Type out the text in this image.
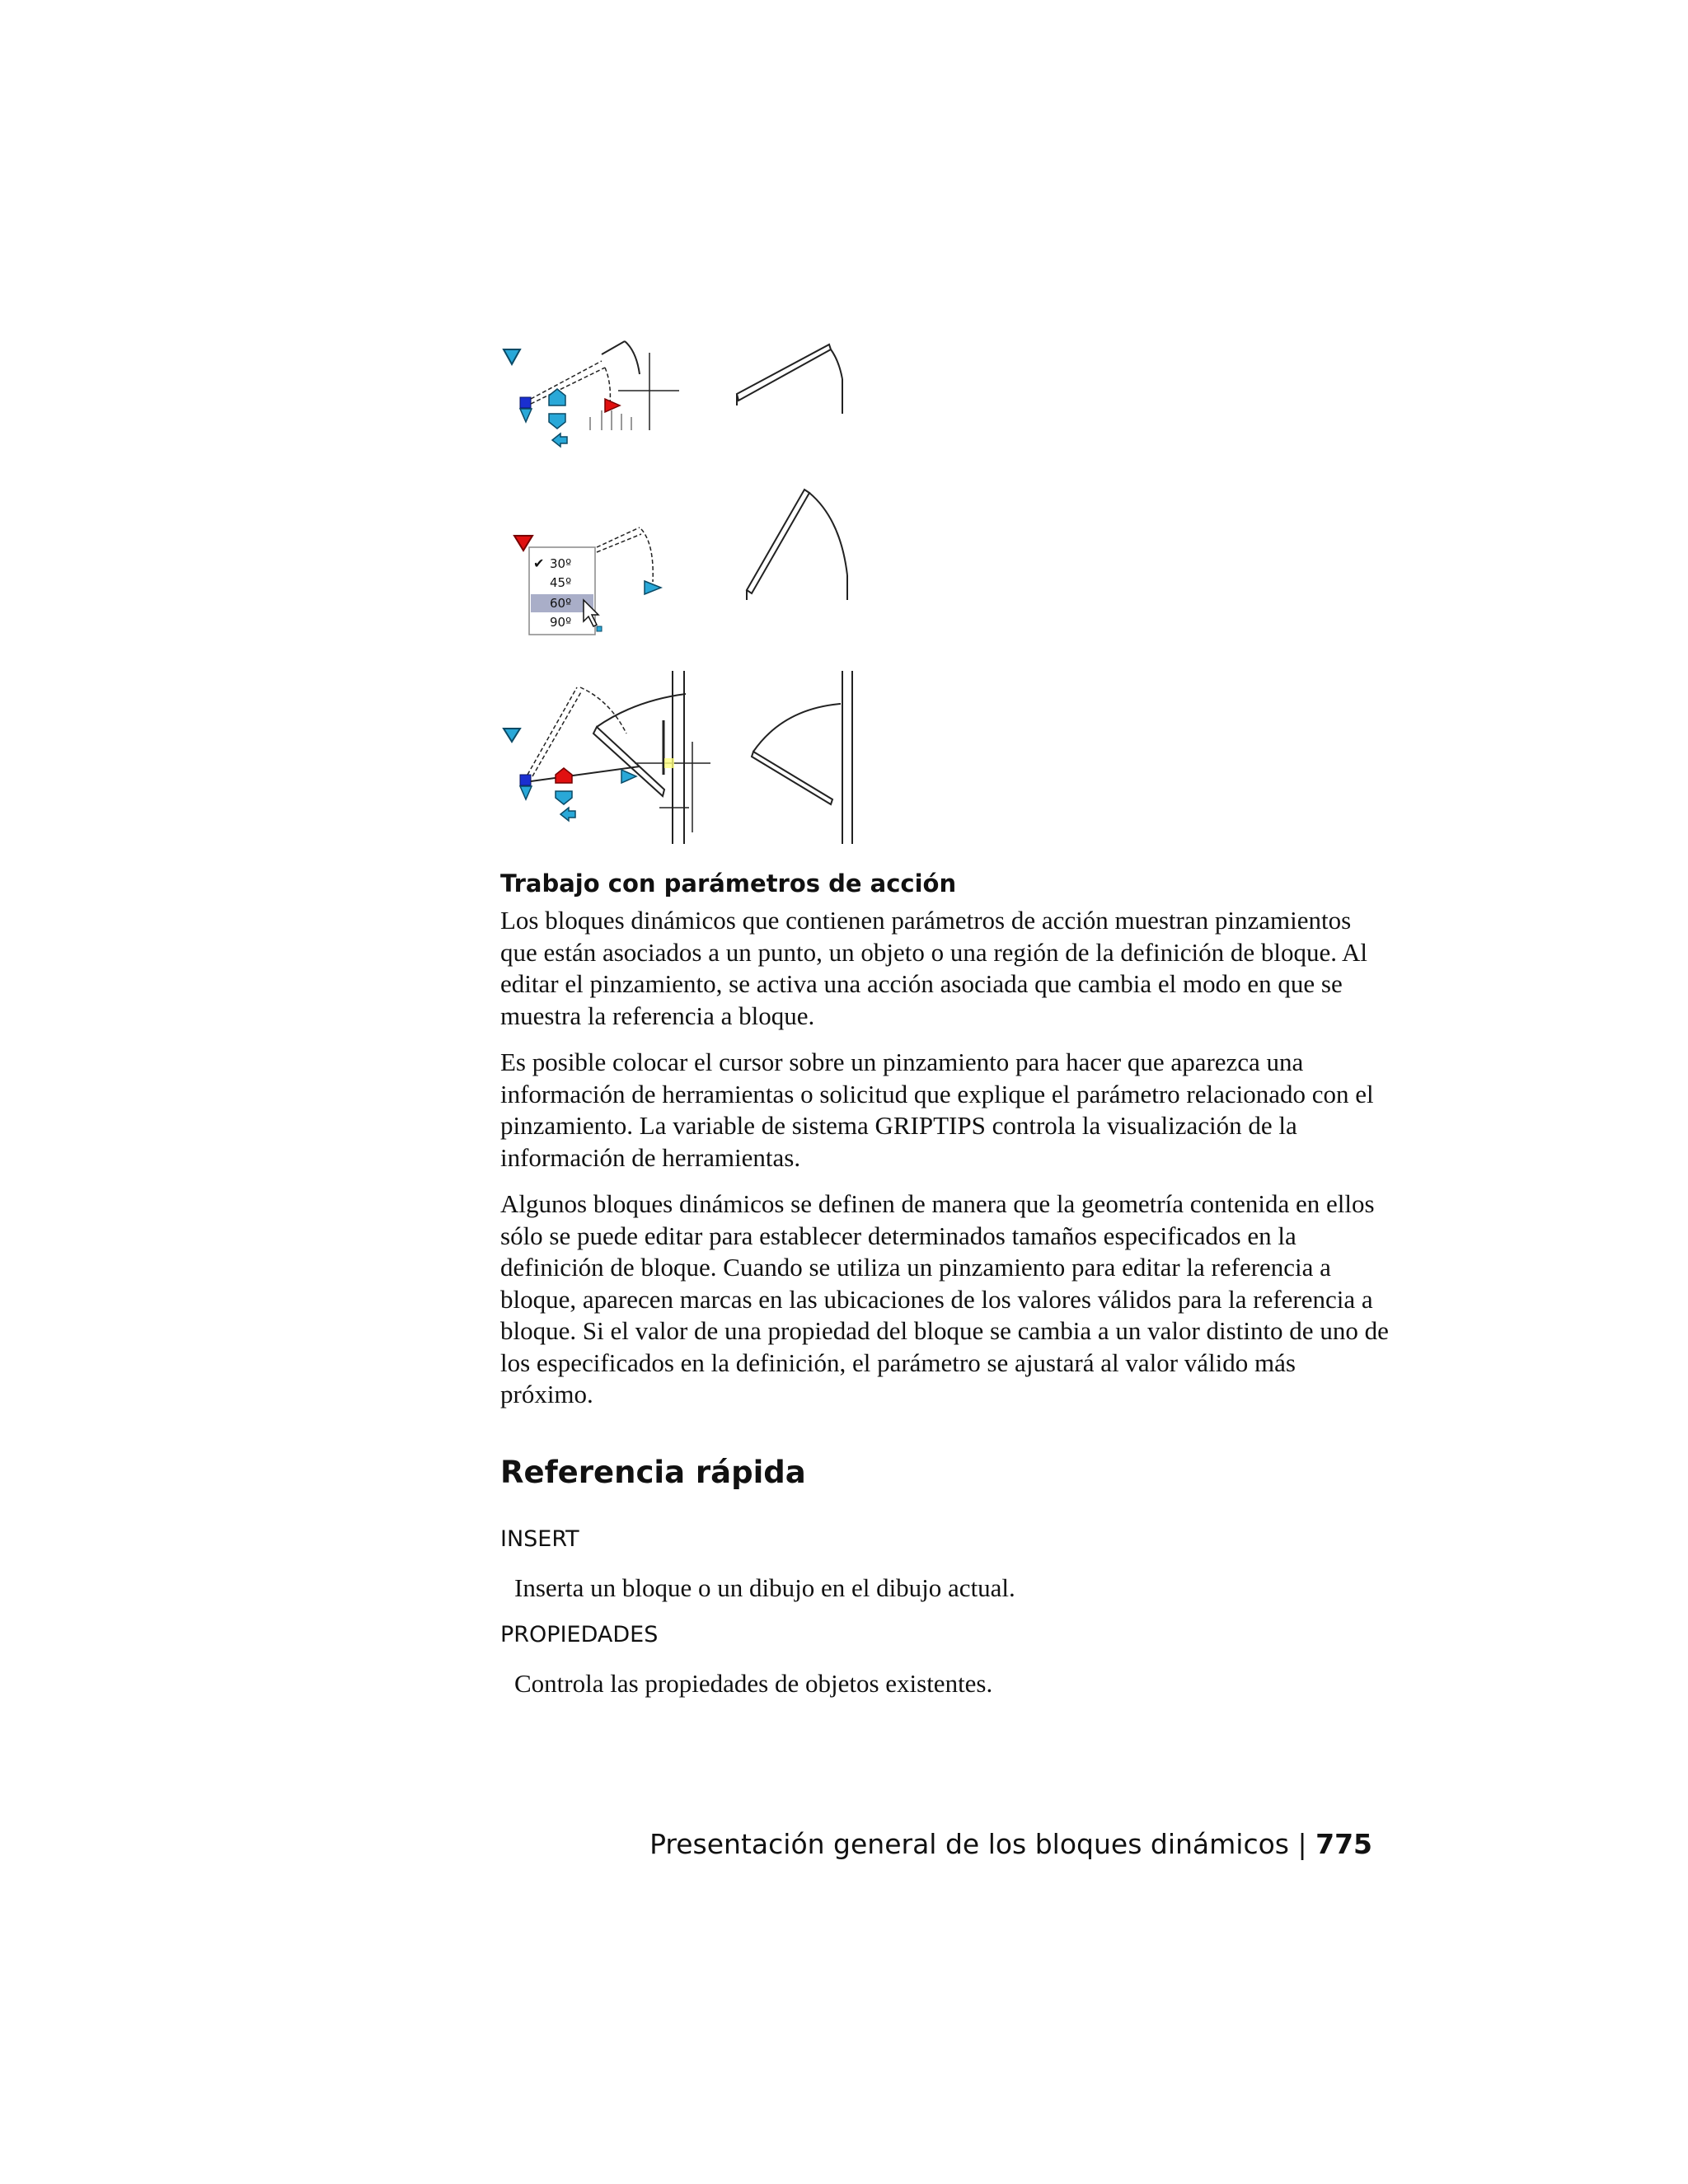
✔ 30º
45º
60º
90º
Trabajo con parámetros de acción

Los bloques dinámicos que contienen parámetros de acción muestran pinzamientos que están asociados a un punto, un objeto o una región de la definición de bloque. Al editar el pinzamiento, se activa una acción asociada que cambia el modo en que se muestra la referencia a bloque.

Es posible colocar el cursor sobre un pinzamiento para hacer que aparezca una información de herramientas o solicitud que explique el parámetro relacionado con el pinzamiento. La variable de sistema GRIPTIPS controla la visualización de la información de herramientas.

Algunos bloques dinámicos se definen de manera que la geometría contenida en ellos sólo se puede editar para establecer determinados tamaños especificados en la definición de bloque. Cuando se utiliza un pinzamiento para editar la referencia a bloque, aparecen marcas en las ubicaciones de los valores válidos para la referencia a bloque. Si el valor de una propiedad del bloque se cambia a un valor distinto de uno de los especificados en la definición, el parámetro se ajustará al valor válido más próximo.

Referencia rápida
INSERT
Inserta un bloque o un dibujo en el dibujo actual.
PROPIEDADES
Controla las propiedades de objetos existentes.
Presentación general de los bloques dinámicos | 775
